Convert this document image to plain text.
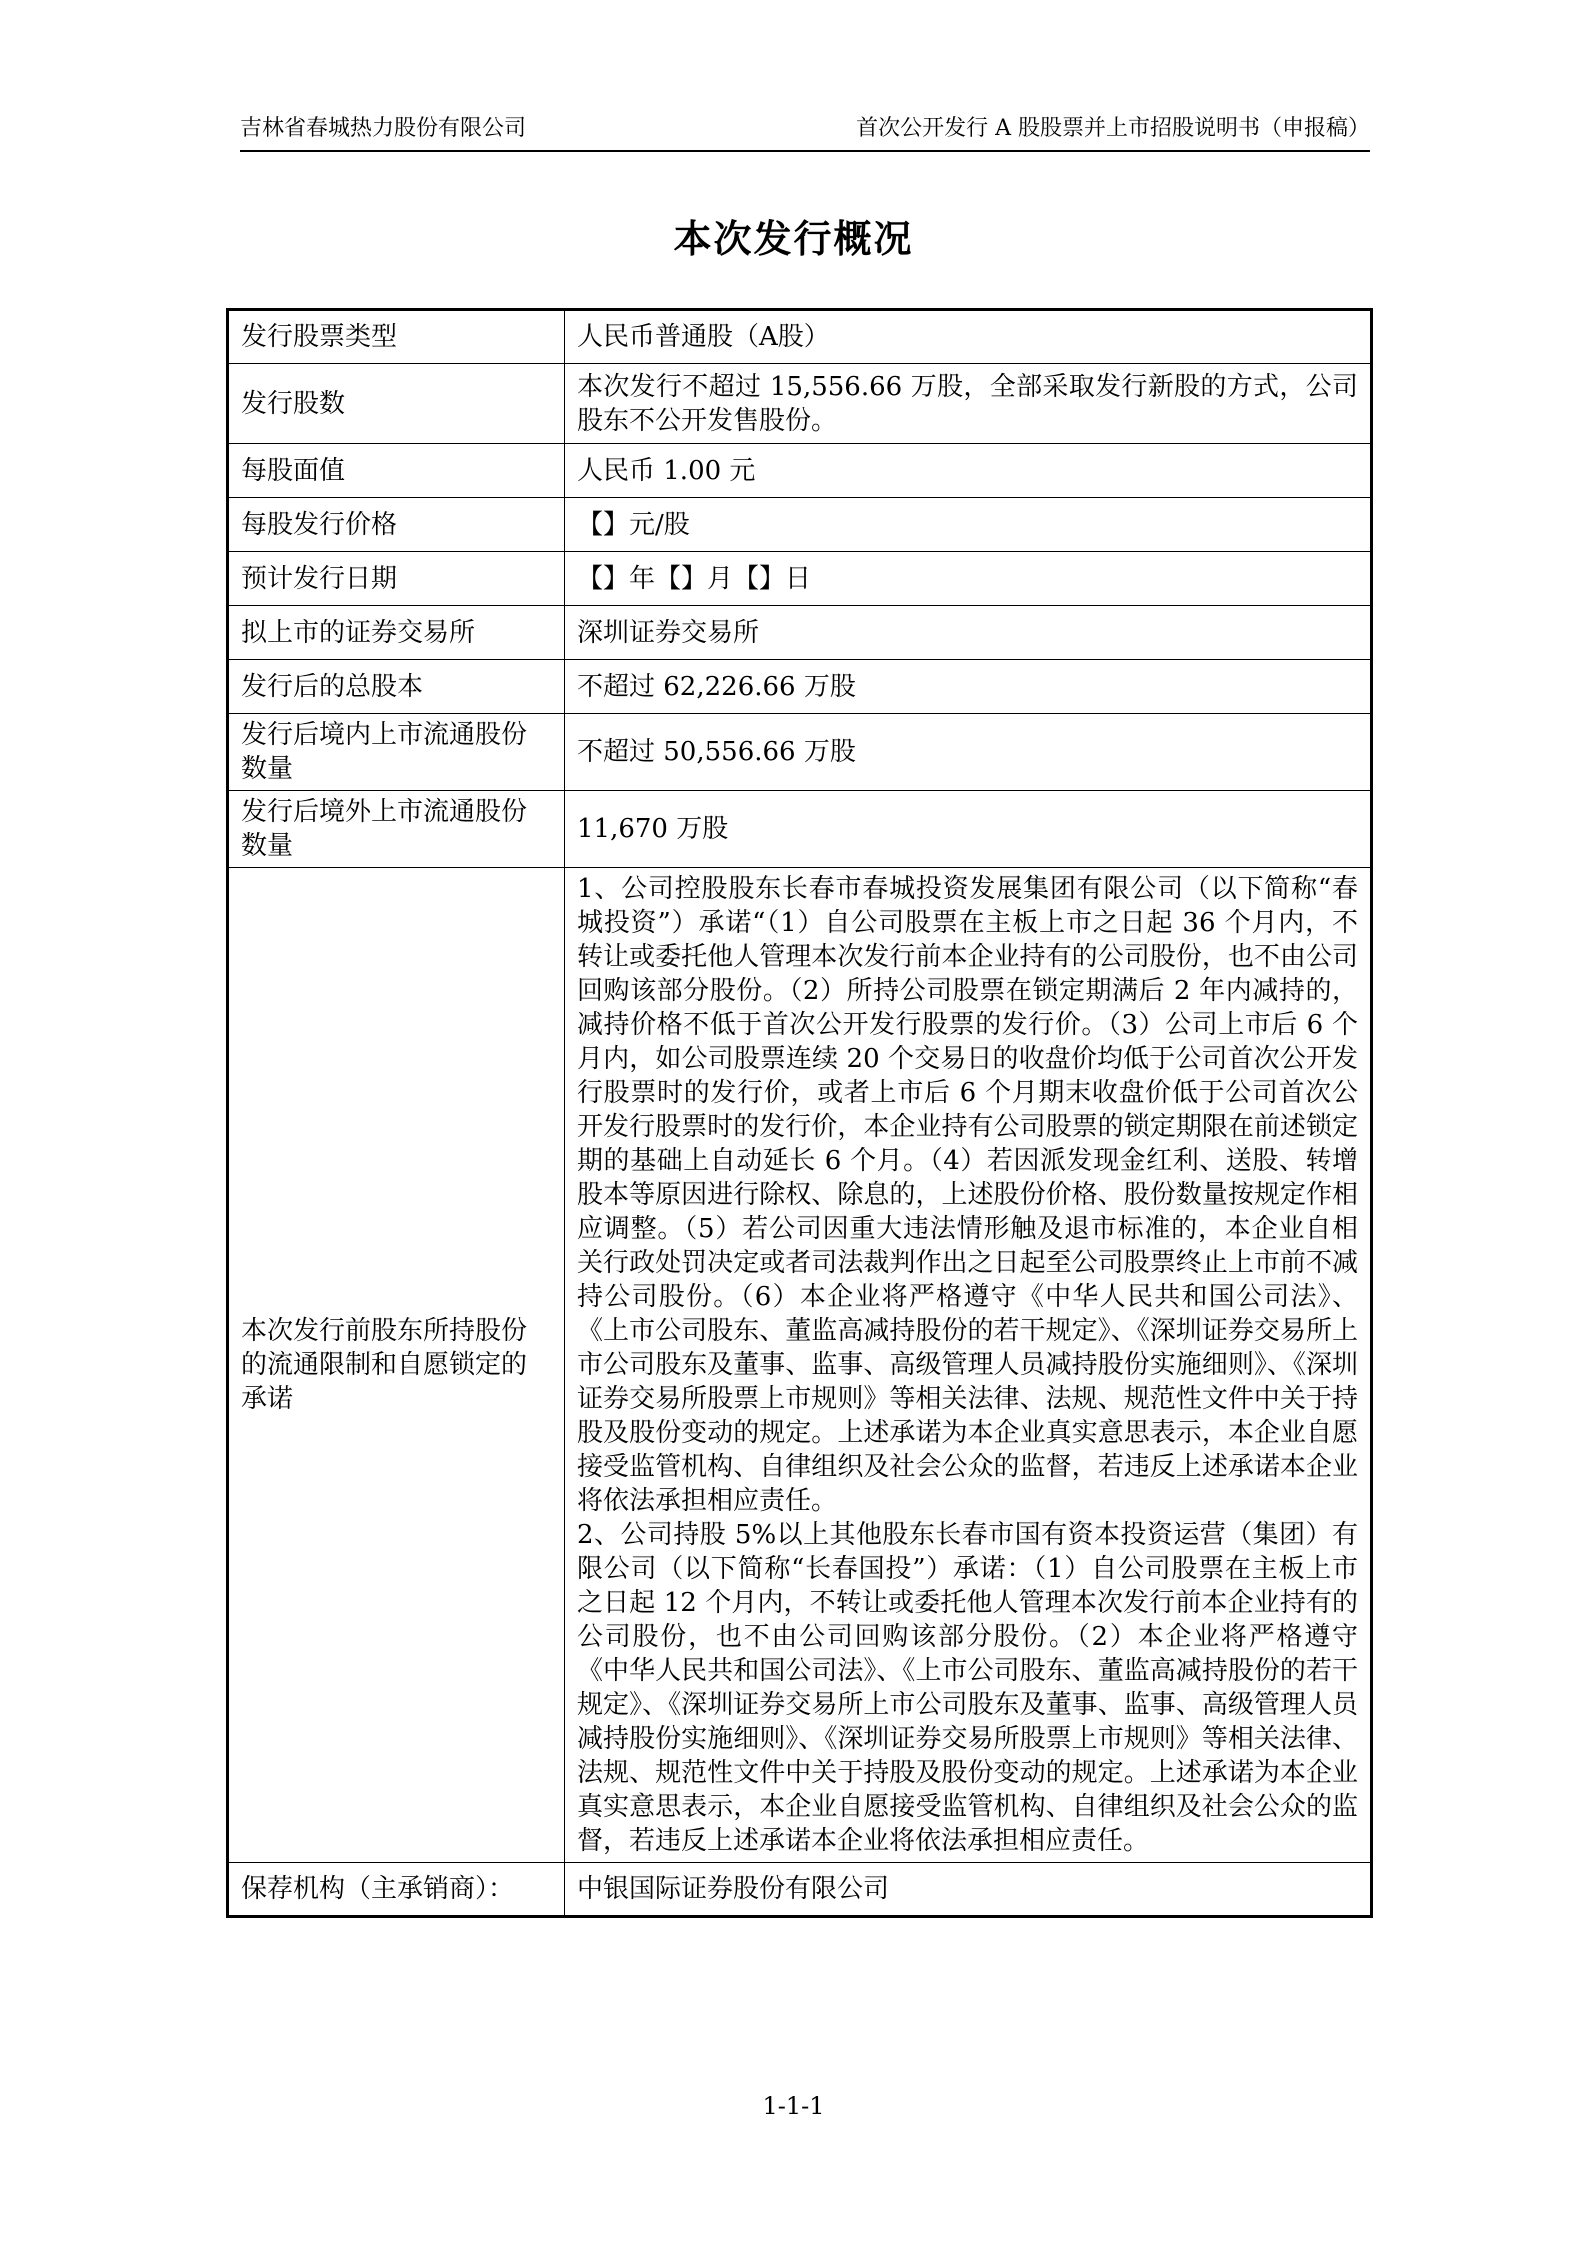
吉林省春城热力股份有限公司	首次公开发行 A 股股票并上市招股说明书（申报稿）
本次发行概况
发行股票类型	人民币普通股（A股）
发行股数	本次发行不超过 15,556.66 万股，全部采取发行新股的方式，公司股东不公开发售股份。
每股面值	人民币 1.00 元
每股发行价格	【】元/股
预计发行日期	【】年【】月【】日
拟上市的证券交易所	深圳证券交易所
发行后的总股本	不超过 62,226.66 万股
发行后境内上市流通股份数量	不超过 50,556.66 万股
发行后境外上市流通股份数量	11,670 万股
本次发行前股东所持股份的流通限制和自愿锁定的承诺	1、公司控股股东长春市春城投资发展集团有限公司（以下简称“春城投资”）承诺“（1）自公司股票在主板上市之日起 36 个月内，不转让或委托他人管理本次发行前本企业持有的公司股份，也不由公司回购该部分股份。（2）所持公司股票在锁定期满后 2 年内减持的，减持价格不低于首次公开发行股票的发行价。（3）公司上市后 6 个月内，如公司股票连续 20 个交易日的收盘价均低于公司首次公开发行股票时的发行价，或者上市后 6 个月期末收盘价低于公司首次公开发行股票时的发行价，本企业持有公司股票的锁定期限在前述锁定期的基础上自动延长 6 个月。（4）若因派发现金红利、送股、转增股本等原因进行除权、除息的，上述股份价格、股份数量按规定作相应调整。（5）若公司因重大违法情形触及退市标准的，本企业自相关行政处罚决定或者司法裁判作出之日起至公司股票终止上市前不减持公司股份。（6）本企业将严格遵守《中华人民共和国公司法》、《上市公司股东、董监高减持股份的若干规定》、《深圳证券交易所上市公司股东及董事、监事、高级管理人员减持股份实施细则》、《深圳证券交易所股票上市规则》等相关法律、法规、规范性文件中关于持股及股份变动的规定。上述承诺为本企业真实意思表示，本企业自愿接受监管机构、自律组织及社会公众的监督，若违反上述承诺本企业将依法承担相应责任。

2、公司持股 5%以上其他股东长春市国有资本投资运营（集团）有限公司（以下简称“长春国投”）承诺：（1）自公司股票在主板上市之日起 12 个月内，不转让或委托他人管理本次发行前本企业持有的公司股份，也不由公司回购该部分股份。（2）本企业将严格遵守《中华人民共和国公司法》、《上市公司股东、董监高减持股份的若干规定》、《深圳证券交易所上市公司股东及董事、监事、高级管理人员减持股份实施细则》、《深圳证券交易所股票上市规则》等相关法律、法规、规范性文件中关于持股及股份变动的规定。上述承诺为本企业真实意思表示，本企业自愿接受监管机构、自律组织及社会公众的监督，若违反上述承诺本企业将依法承担相应责任。

保荐机构（主承销商）：	中银国际证券股份有限公司
1-1-1
